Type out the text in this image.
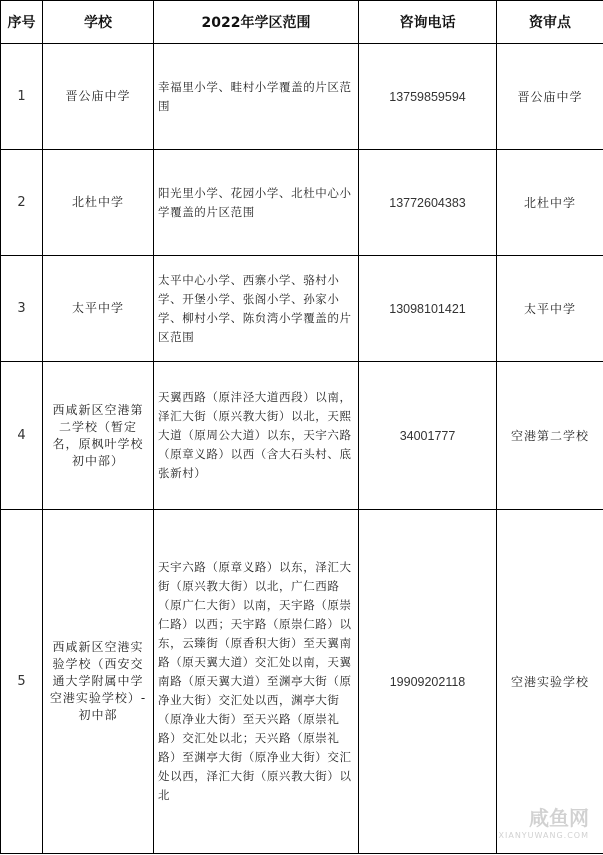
序号	学校	2022年学区范围	咨询电话	资审点
1	晋公庙中学	幸福里小学、畦村小学覆盖的片区范围	13759859594	晋公庙中学
2	北杜中学	阳光里小学、花园小学、北杜中心小学覆盖的片区范围	13772604383	北杜中学
3	太平中学	太平中心小学、西寨小学、骆村小学、开堡小学、张阁小学、孙家小学、柳村小学、陈贠湾小学覆盖的片区范围	13098101421	太平中学
4	西咸新区空港第二学校（暂定名，原枫叶学校初中部）	天翼西路（原沣泾大道西段）以南，泽汇大街（原兴教大街）以北，天熙大道（原周公大道）以东，天宇六路（原章义路）以西（含大石头村、底张新村）	34001777	空港第二学校
5	西咸新区空港实验学校（西安交通大学附属中学空港实验学校）-初中部	天宇六路（原章义路）以东，泽汇大街（原兴教大街）以北，广仁西路（原广仁大街）以南，天宇路（原崇仁路）以西；天宇路（原崇仁路）以东，云臻街（原香积大街）至天翼南路（原天翼大道）交汇处以南，天翼南路（原天翼大道）至渊亭大街（原净业大街）交汇处以西，渊亭大街（原净业大街）至天兴路（原崇礼路）交汇处以北；天兴路（原崇礼路）至渊亭大街（原净业大街）交汇处以西，泽汇大街（原兴教大街）以北	19909202118	空港实验学校
咸鱼网
XIANYUWANG.COM
